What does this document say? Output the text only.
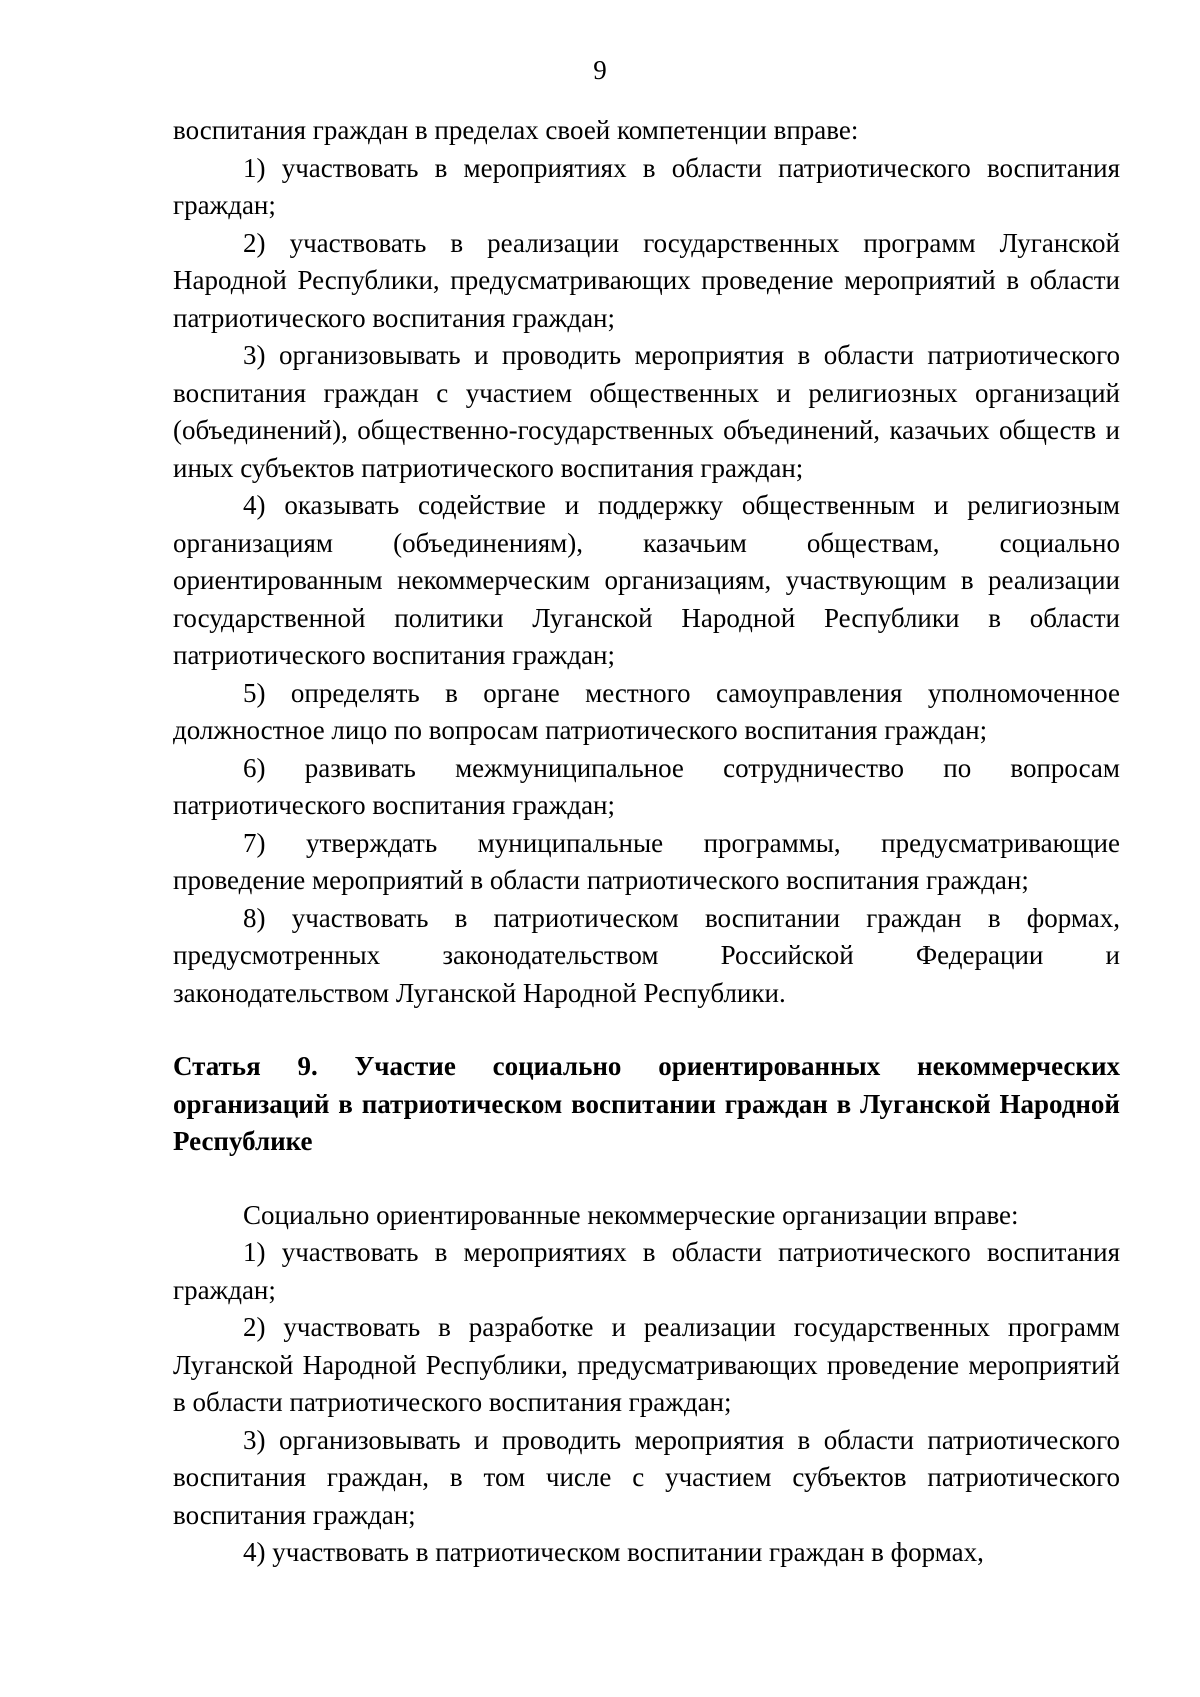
9

воспитания граждан в пределах своей компетенции вправе:

1) участвовать в мероприятиях в области патриотического воспитания граждан;

2) участвовать в реализации государственных программ Луганской Народной Республики, предусматривающих проведение мероприятий в области патриотического воспитания граждан;

3) организовывать и проводить мероприятия в области патриотического воспитания граждан с участием общественных и религиозных организаций (объединений), общественно-государственных объединений, казачьих обществ и иных субъектов патриотического воспитания граждан;

4) оказывать содействие и поддержку общественным и религиозным организациям (объединениям), казачьим обществам, социально ориентированным некоммерческим организациям, участвующим в реализации государственной политики Луганской Народной Республики в области патриотического воспитания граждан;

5) определять в органе местного самоуправления уполномоченное должностное лицо по вопросам патриотического воспитания граждан;

6) развивать межмуниципальное сотрудничество по вопросам патриотического воспитания граждан;

7) утверждать муниципальные программы, предусматривающие проведение мероприятий в области патриотического воспитания граждан;

8) участвовать в патриотическом воспитании граждан в формах, предусмотренных законодательством Российской Федерации и законодательством Луганской Народной Республики.

Статья 9. Участие социально ориентированных некоммерческих организаций в патриотическом воспитании граждан в Луганской Народной Республике

Социально ориентированные некоммерческие организации вправе:

1) участвовать в мероприятиях в области патриотического воспитания граждан;

2) участвовать в разработке и реализации государственных программ Луганской Народной Республики, предусматривающих проведение мероприятий в области патриотического воспитания граждан;

3) организовывать и проводить мероприятия в области патриотического воспитания граждан, в том числе с участием субъектов патриотического воспитания граждан;

4) участвовать в патриотическом воспитании граждан в формах,
